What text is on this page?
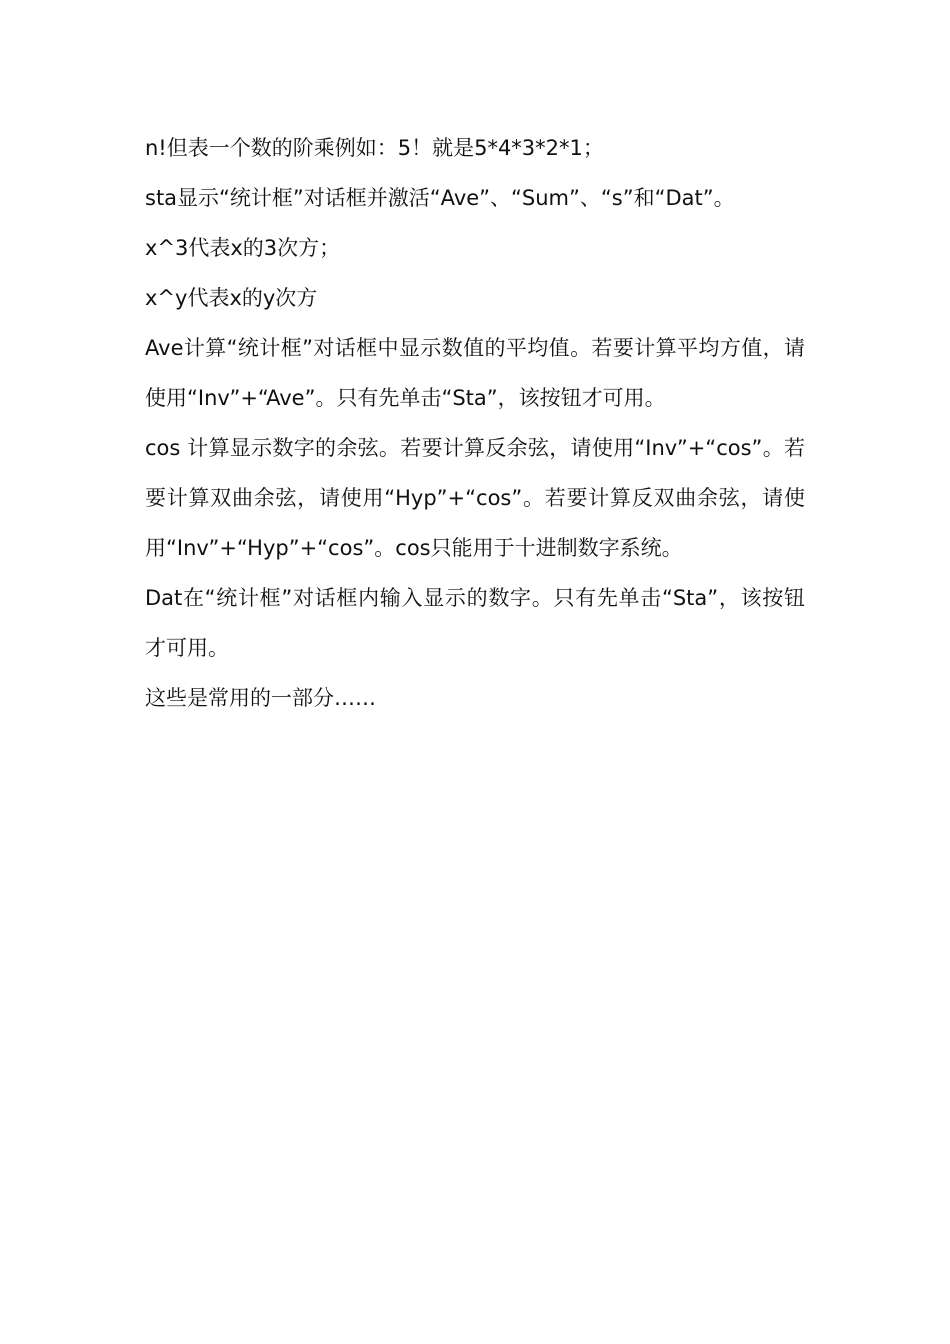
n!但表一个数的阶乘例如：5！就是5*4*3*2*1；

sta显示“统计框”对话框并激活“Ave”、“Sum”、“s”和“Dat”。

x^3代表x的3次方；

x^y代表x的y次方

Ave计算“统计框”对话框中显示数值的平均值。若要计算平均方值，请使用“Inv”+“Ave”。只有先单击“Sta”，该按钮才可用。

cos 计算显示数字的余弦。若要计算反余弦，请使用“Inv”+“cos”。若要计算双曲余弦，请使用“Hyp”+“cos”。若要计算反双曲余弦，请使用“Inv”+“Hyp”+“cos”。cos只能用于十进制数字系统。

Dat在“统计框”对话框内输入显示的数字。只有先单击“Sta”，该按钮才可用。

这些是常用的一部分……
